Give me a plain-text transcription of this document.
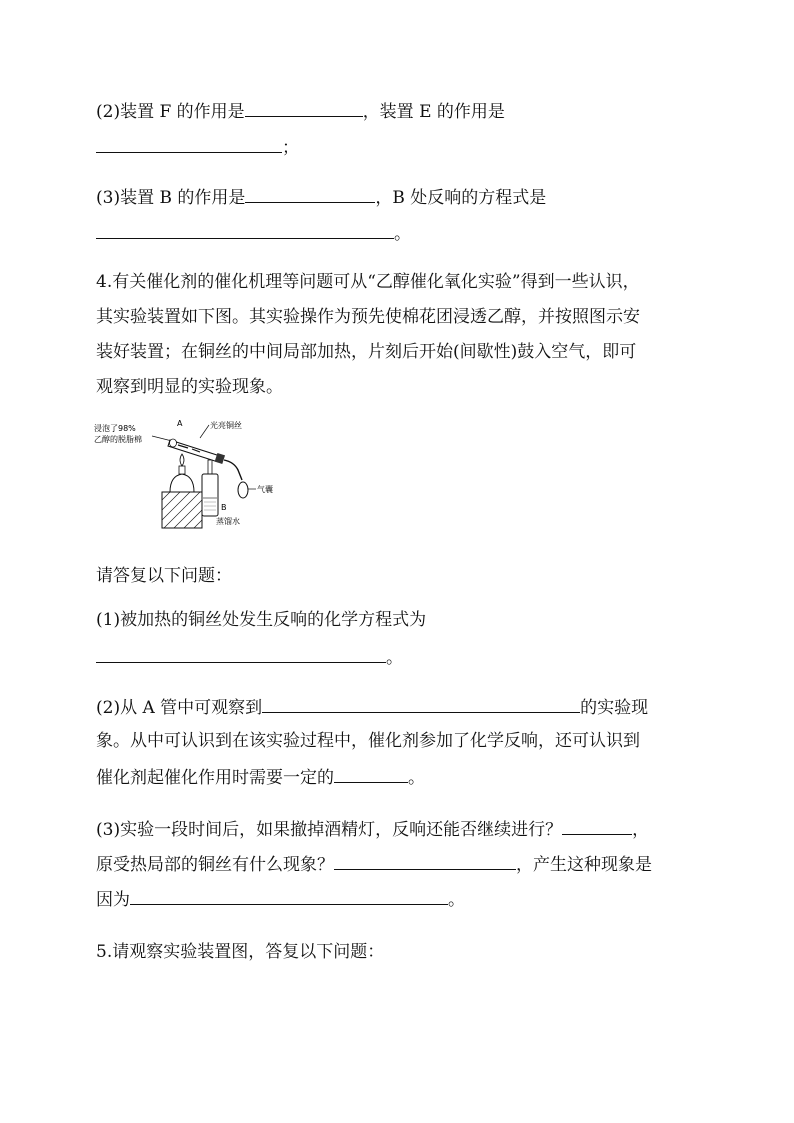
(2)装置 F 的作用是	，装置 E 的作用是
；
(3)装置 B 的作用是	，B 处反响的方程式是
。
4.有关催化剂的催化机理等问题可从“乙醇催化氧化实验”得到一些认识，
其实验装置如下图。其实验操作为预先使棉花团浸透乙醇，并按照图示安
装好装置；在铜丝的中间局部加热，片刻后开始(间歇性)鼓入空气，即可
观察到明显的实验现象。
浸泡了98%
乙醇的脱脂棉
A	光亮铜丝
气囊
B
蒸馏水
请答复以下问题：
(1)被加热的铜丝处发生反响的化学方程式为
。
(2)从 A 管中可观察到	的实验现
象。从中可认识到在该实验过程中，催化剂参加了化学反响，还可认识到
催化剂起催化作用时需要一定的	。
(3)实验一段时间后，如果撤掉酒精灯，反响还能否继续进行？	，
原受热局部的铜丝有什么现象？	，产生这种现象是
因为	。
5.请观察实验装置图，答复以下问题：
